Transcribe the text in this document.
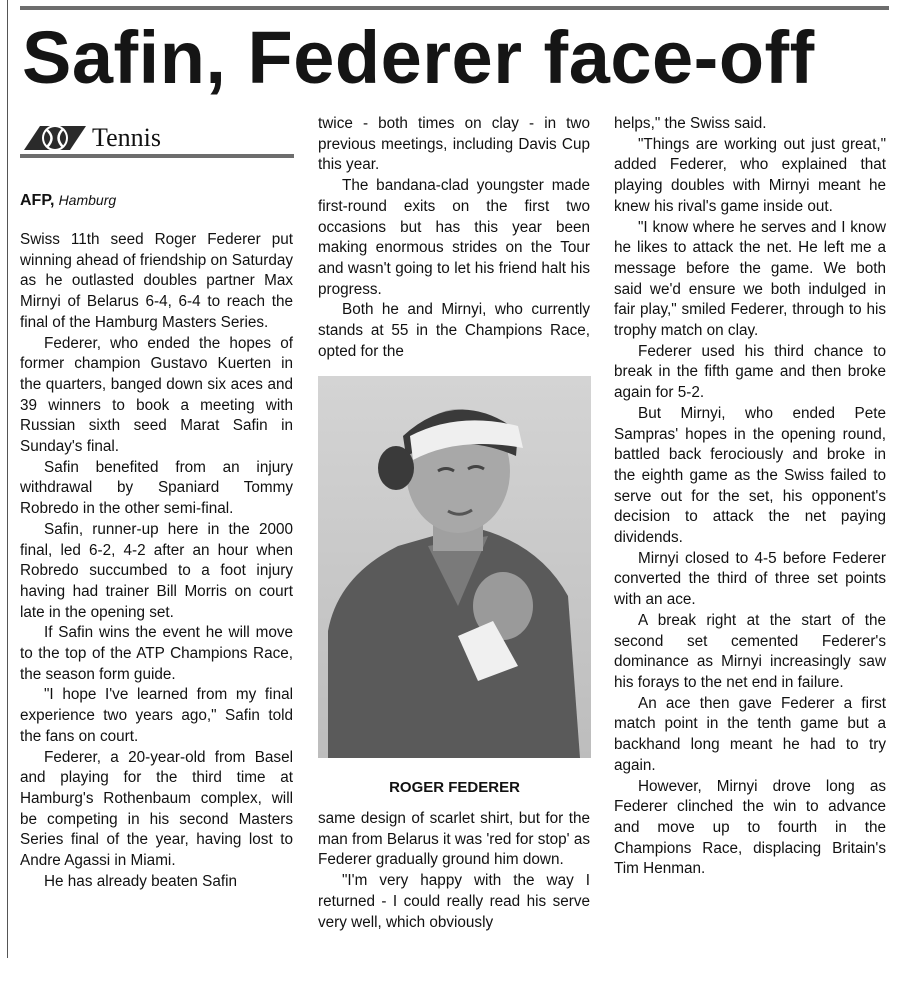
Safin, Federer face-off
Tennis
AFP, Hamburg

Swiss 11th seed Roger Federer put winning ahead of friendship on Saturday as he outlasted doubles partner Max Mirnyi of Belarus 6-4, 6-4 to reach the final of the Hamburg Masters Series.

Federer, who ended the hopes of former champion Gustavo Kuerten in the quarters, banged down six aces and 39 winners to book a meeting with Russian sixth seed Marat Safin in Sunday's final.

Safin benefited from an injury withdrawal by Spaniard Tommy Robredo in the other semi-final.

Safin, runner-up here in the 2000 final, led 6-2, 4-2 after an hour when Robredo succumbed to a foot injury having had trainer Bill Morris on court late in the opening set.

If Safin wins the event he will move to the top of the ATP Champions Race, the season form guide.

"I hope I've learned from my final experience two years ago," Safin told the fans on court.

Federer, a 20-year-old from Basel and playing for the third time at Hamburg's Rothenbaum complex, will be competing in his second Masters Series final of the year, having lost to Andre Agassi in Miami.

He has already beaten Safin

twice - both times on clay - in two previous meetings, including Davis Cup this year.

The bandana-clad youngster made first-round exits on the first two occasions but has this year been making enormous strides on the Tour and wasn't going to let his friend halt his progress.

Both he and Mirnyi, who currently stands at 55 in the Champions Race, opted for the

ROGER FEDERER

same design of scarlet shirt, but for the man from Belarus it was 'red for stop' as Federer gradually ground him down.

"I'm very happy with the way I returned - I could really read his serve very well, which obviously

helps," the Swiss said.

"Things are working out just great," added Federer, who explained that playing doubles with Mirnyi meant he knew his rival's game inside out.

"I know where he serves and I know he likes to attack the net. He left me a message before the game. We both said we'd ensure we both indulged in fair play," smiled Federer, through to his trophy match on clay.

Federer used his third chance to break in the fifth game and then broke again for 5-2.

But Mirnyi, who ended Pete Sampras' hopes in the opening round, battled back ferociously and broke in the eighth game as the Swiss failed to serve out for the set, his opponent's decision to attack the net paying dividends.

Mirnyi closed to 4-5 before Federer converted the third of three set points with an ace.

A break right at the start of the second set cemented Federer's dominance as Mirnyi increasingly saw his forays to the net end in failure.

An ace then gave Federer a first match point in the tenth game but a backhand long meant he had to try again.

However, Mirnyi drove long as Federer clinched the win to advance and move up to fourth in the Champions Race, displacing Britain's Tim Henman.
